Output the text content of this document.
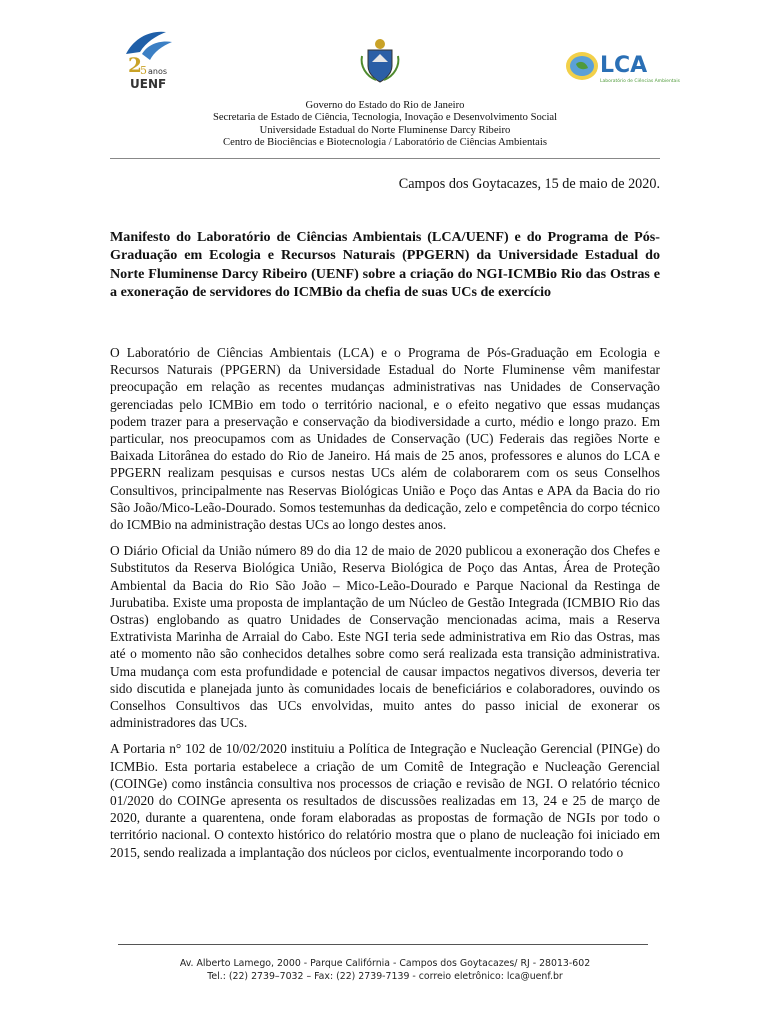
2
5 anos
UENF
LCA
Laboratório de Ciências Ambientais
Governo do Estado do Rio de Janeiro
Secretaria de Estado de Ciência, Tecnologia, Inovação e Desenvolvimento Social
Universidade Estadual do Norte Fluminense Darcy Ribeiro
Centro de Biociências e Biotecnologia / Laboratório de Ciências Ambientais
Campos dos Goytacazes, 15 de maio de 2020.

Manifesto do Laboratório de Ciências Ambientais (LCA/UENF) e do Programa de Pós-Graduação em Ecologia e Recursos Naturais (PPGERN) da Universidade Estadual do Norte Fluminense Darcy Ribeiro (UENF) sobre a criação do NGI-ICMBio Rio das Ostras e a exoneração de servidores do ICMBio da chefia de suas UCs de exercício

O Laboratório de Ciências Ambientais (LCA) e o Programa de Pós-Graduação em Ecologia e Recursos Naturais (PPGERN) da Universidade Estadual do Norte Fluminense vêm manifestar preocupação em relação as recentes mudanças administrativas nas Unidades de Conservação gerenciadas pelo ICMBio em todo o território nacional, e o efeito negativo que essas mudanças podem trazer para a preservação e conservação da biodiversidade a curto, médio e longo prazo. Em particular, nos preocupamos com as Unidades de Conservação (UC) Federais das regiões Norte e Baixada Litorânea do estado do Rio de Janeiro. Há mais de 25 anos, professores e alunos do LCA e PPGERN realizam pesquisas e cursos nestas UCs além de colaborarem com os seus Conselhos Consultivos, principalmente nas Reservas Biológicas União e Poço das Antas e APA da Bacia do rio São João/Mico-Leão-Dourado. Somos testemunhas da dedicação, zelo e competência do corpo técnico do ICMBio na administração destas UCs ao longo destes anos.

O Diário Oficial da União número 89 do dia 12 de maio de 2020 publicou a exoneração dos Chefes e Substitutos da Reserva Biológica União, Reserva Biológica de Poço das Antas, Área de Proteção Ambiental da Bacia do Rio São João – Mico-Leão-Dourado e Parque Nacional da Restinga de Jurubatiba. Existe uma proposta de implantação de um Núcleo de Gestão Integrada (ICMBIO Rio das Ostras) englobando as quatro Unidades de Conservação mencionadas acima, mais a Reserva Extrativista Marinha de Arraial do Cabo. Este NGI teria sede administrativa em Rio das Ostras, mas até o momento não são conhecidos detalhes sobre como será realizada esta transição administrativa. Uma mudança com esta profundidade e potencial de causar impactos negativos diversos, deveria ter sido discutida e planejada junto às comunidades locais de beneficiários e colaboradores, ouvindo os Conselhos Consultivos das UCs envolvidas, muito antes do passo inicial de exonerar os administradores das UCs.

A Portaria n° 102 de 10/02/2020 instituiu a Política de Integração e Nucleação Gerencial (PINGe) do ICMBio. Esta portaria estabelece a criação de um Comitê de Integração e Nucleação Gerencial (COINGe) como instância consultiva nos processos de criação e revisão de NGI. O relatório técnico 01/2020 do COINGe apresenta os resultados de discussões realizadas em 13, 24 e 25 de março de 2020, durante a quarentena, onde foram elaboradas as propostas de formação de NGIs por todo o território nacional. O contexto histórico do relatório mostra que o plano de nucleação foi iniciado em 2015, sendo realizada a implantação dos núcleos por ciclos, eventualmente incorporando todo o

Av. Alberto Lamego, 2000 - Parque Califórnia - Campos dos Goytacazes/ RJ - 28013-602
Tel.: (22) 2739–7032 – Fax: (22) 2739-7139 - correio eletrônico: lca@uenf.br
